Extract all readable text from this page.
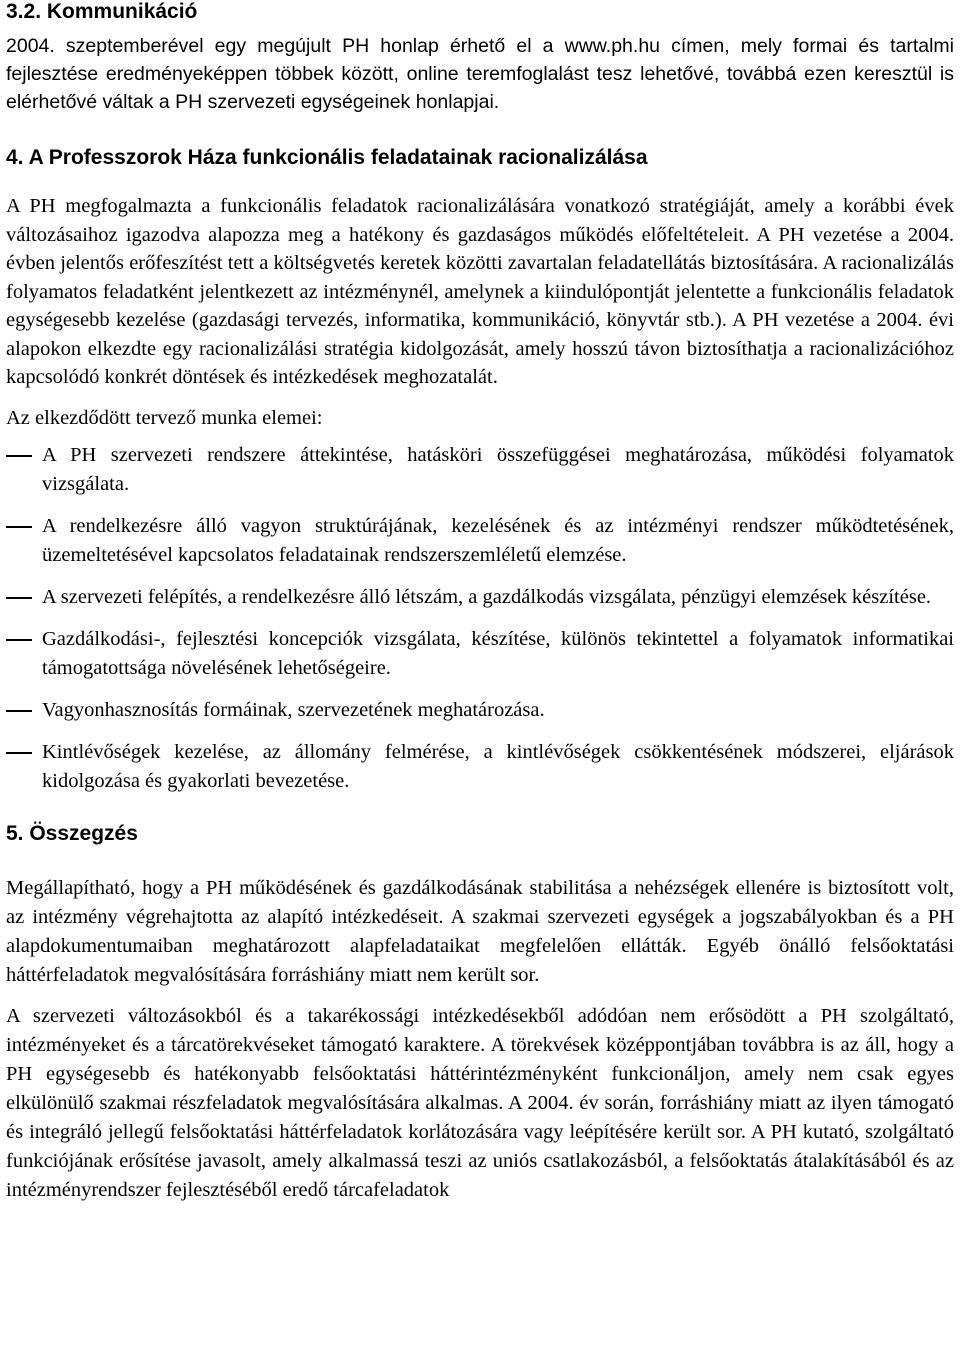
3.2. Kommunikáció

2004. szeptemberével egy megújult PH honlap érhető el a www.ph.hu címen, mely formai és tartalmi fejlesztése eredményeképpen többek között, online teremfoglalást tesz lehetővé, továbbá ezen keresztül is elérhetővé váltak a PH szervezeti egységeinek honlapjai.

4. A Professzorok Háza funkcionális feladatainak racionalizálása

A PH megfogalmazta a funkcionális feladatok racionalizálására vonatkozó stratégiáját, amely a korábbi évek változásaihoz igazodva alapozza meg a hatékony és gazdaságos működés előfeltételeit. A PH vezetése a 2004. évben jelentős erőfeszítést tett a költségvetés keretek közötti zavartalan feladatellátás biztosítására. A racionalizálás folyamatos feladatként jelentkezett az intézménynél, amelynek a kiindulópontját jelentette a funkcionális feladatok egységesebb kezelése (gazdasági tervezés, informatika, kommunikáció, könyvtár stb.). A PH vezetése a 2004. évi alapokon elkezdte egy racionalizálási stratégia kidolgozását, amely hosszú távon biztosíthatja a racionalizációhoz kapcsolódó konkrét döntések és intézkedések meghozatalát.

Az elkezdődött tervező munka elemei:

A PH szervezeti rendszere áttekintése, hatásköri összefüggései meghatározása, működési folyamatok vizsgálata.
A rendelkezésre álló vagyon struktúrájának, kezelésének és az intézményi rendszer működtetésének, üzemeltetésével kapcsolatos feladatainak rendszerszemléletű elemzése.
A szervezeti felépítés, a rendelkezésre álló létszám, a gazdálkodás vizsgálata, pénzügyi elemzések készítése.
Gazdálkodási-, fejlesztési koncepciók vizsgálata, készítése, különös tekintettel a folyamatok informatikai támogatottsága növelésének lehetőségeire.
Vagyonhasznosítás formáinak, szervezetének meghatározása.
Kintlévőségek kezelése, az állomány felmérése, a kintlévőségek csökkentésének módszerei, eljárások kidolgozása és gyakorlati bevezetése.
5. Összegzés

Megállapítható, hogy a PH működésének és gazdálkodásának stabilitása a nehézségek ellenére is biztosított volt, az intézmény végrehajtotta az alapító intézkedéseit. A szakmai szervezeti egységek a jogszabályokban és a PH alapdokumentumaiban meghatározott alapfeladataikat megfelelően ellátták. Egyéb önálló felsőoktatási háttérfeladatok megvalósítására forráshiány miatt nem került sor.

A szervezeti változásokból és a takarékossági intézkedésekből adódóan nem erősödött a PH szolgáltató, intézményeket és a tárcatörekvéseket támogató karaktere. A törekvések középpontjában továbbra is az áll, hogy a PH egységesebb és hatékonyabb felsőoktatási háttérintézményként funkcionáljon, amely nem csak egyes elkülönülő szakmai részfeladatok megvalósítására alkalmas. A 2004. év során, forráshiány miatt az ilyen támogató és integráló jellegű felsőoktatási háttérfeladatok korlátozására vagy leépítésére került sor. A PH kutató, szolgáltató funkciójának erősítése javasolt, amely alkalmassá teszi az uniós csatlakozásból, a felsőoktatás átalakításából és az intézményrendszer fejlesztéséből eredő tárcafeladatok
